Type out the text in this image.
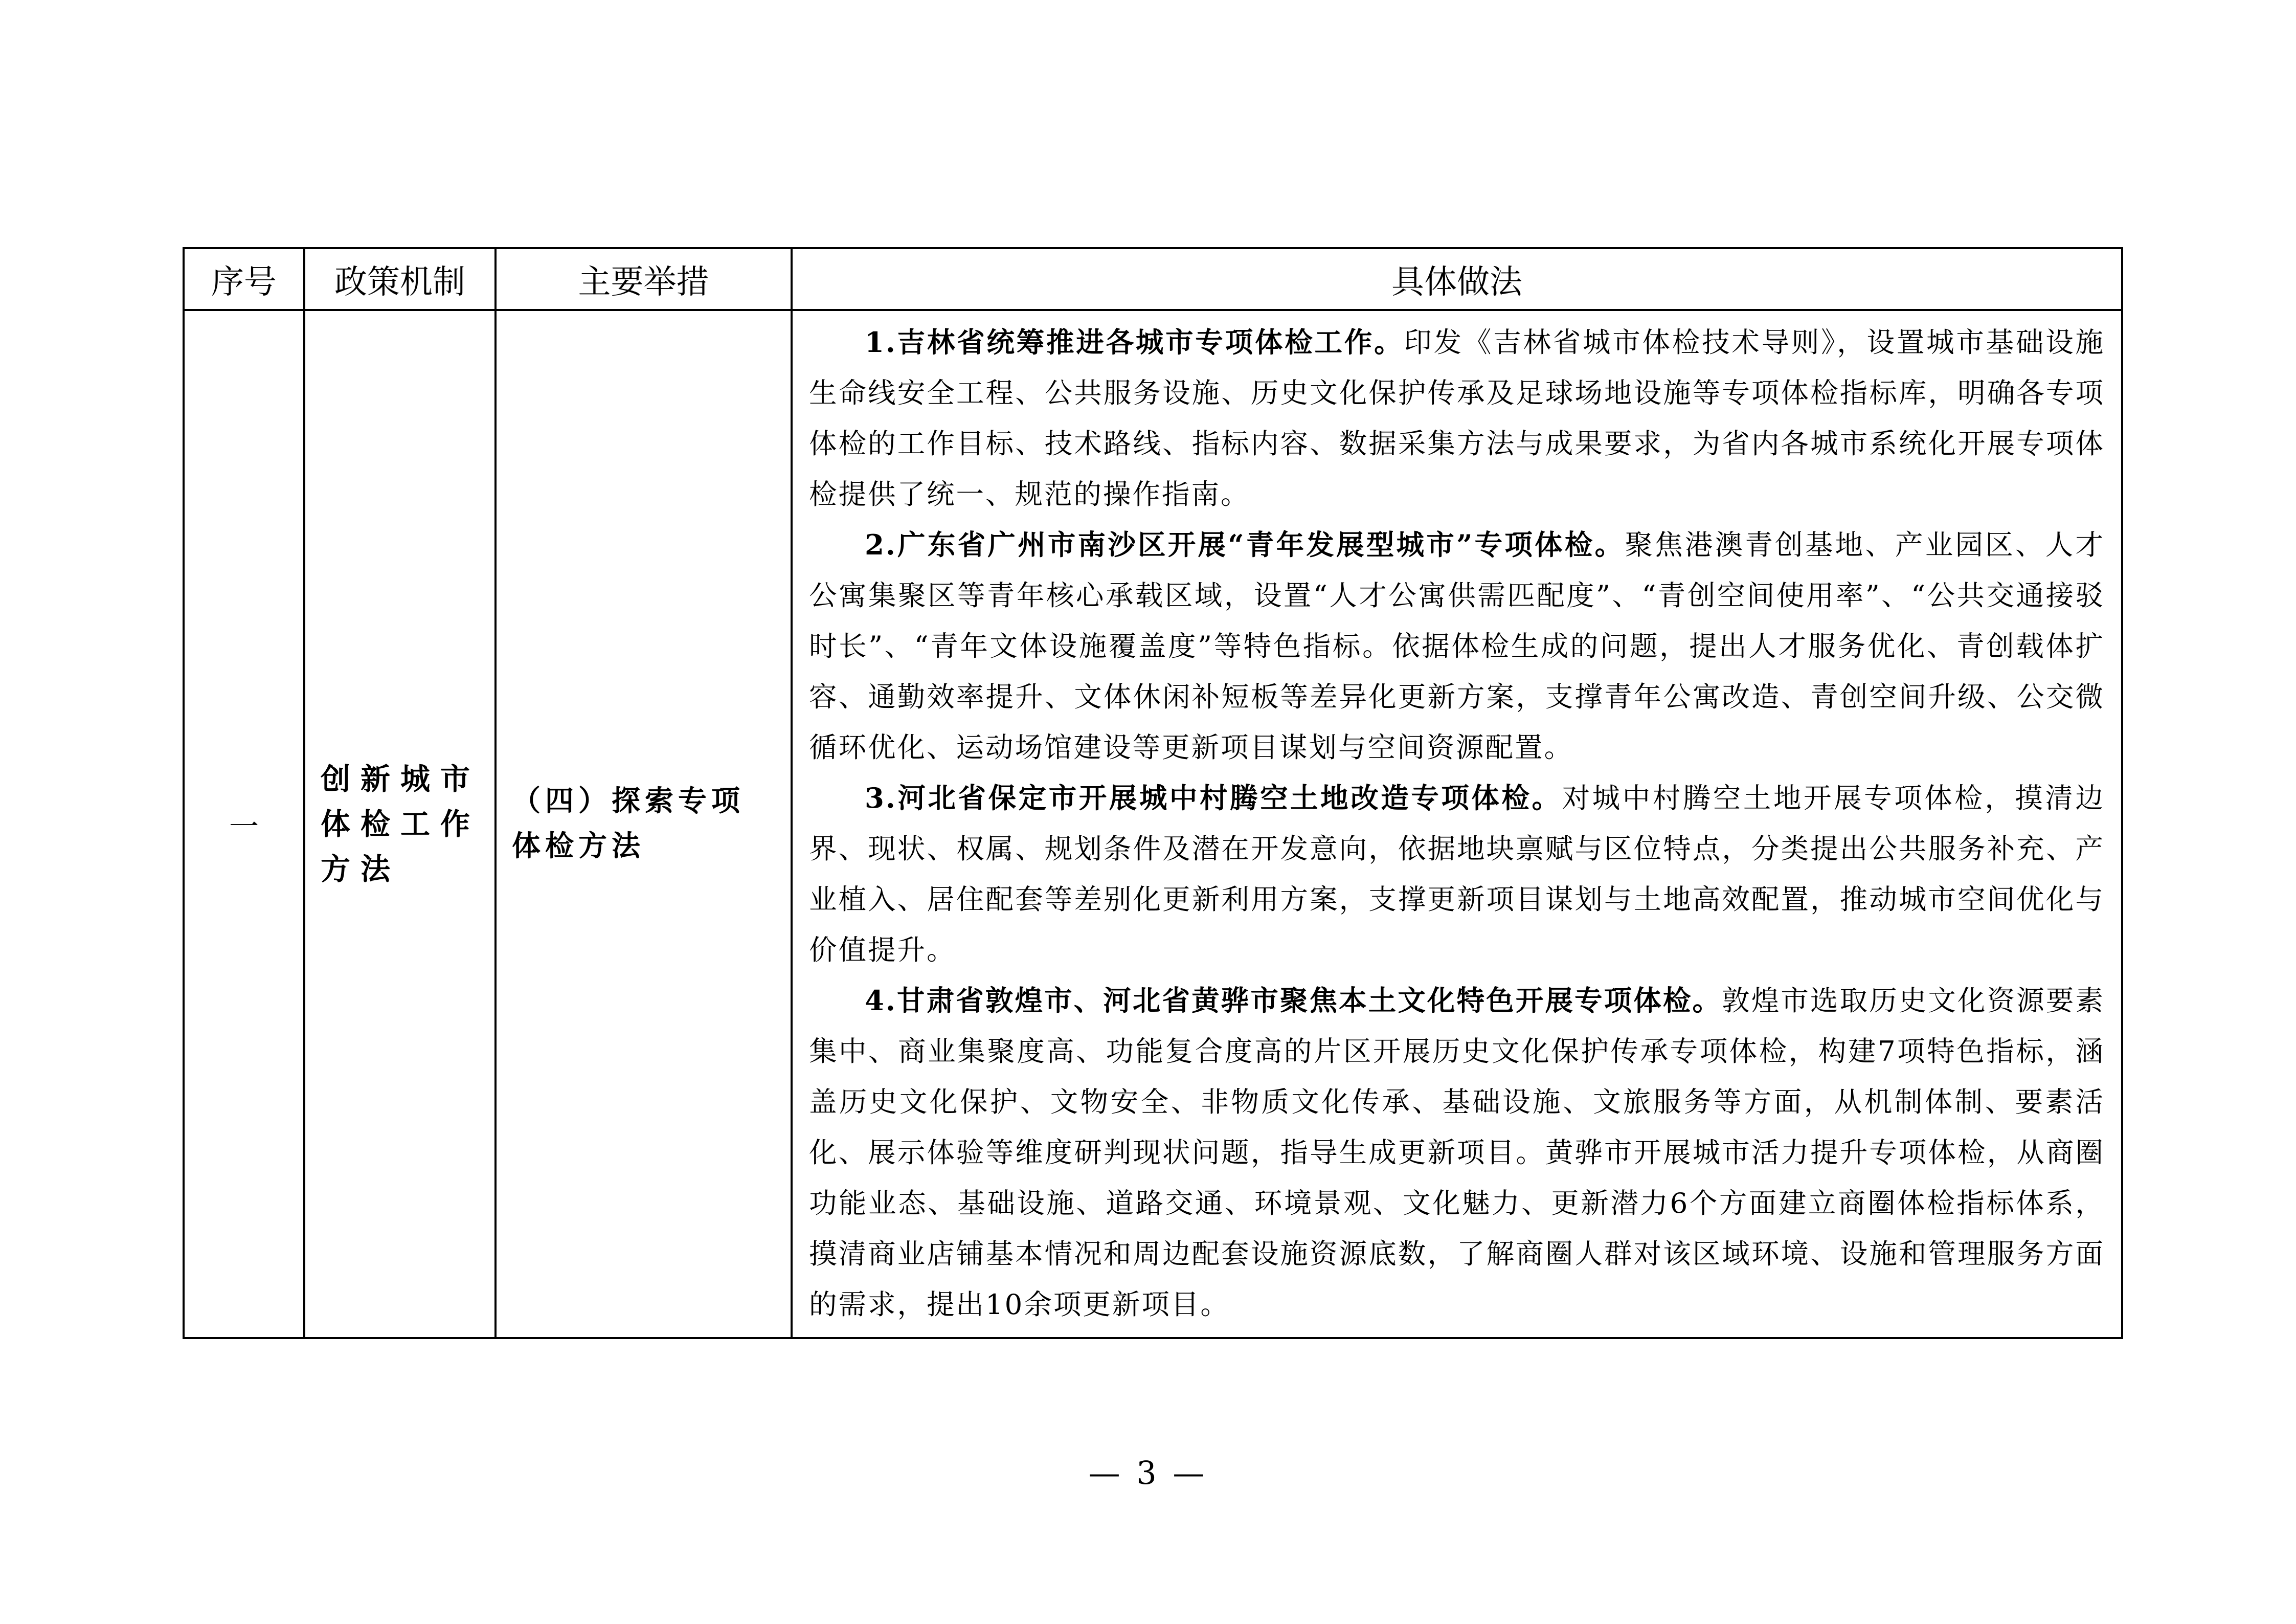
序号	政策机制	主要举措	具体做法
一	创新城市体检工作方法	（四）探索专项体检方法	1.吉林省统筹推进各城市专项体检工作。印发《吉林省城市体检技术导则》，设置城市基础设施生命线安全工程、公共服务设施、历史文化保护传承及足球场地设施等专项体检指标库，明确各专项体检的工作目标、技术路线、指标内容、数据采集方法与成果要求，为省内各城市系统化开展专项体检提供了统一、规范的操作指南。

2.广东省广州市南沙区开展“青年发展型城市”专项体检。聚焦港澳青创基地、产业园区、人才公寓集聚区等青年核心承载区域，设置“人才公寓供需匹配度”、“青创空间使用率”、“公共交通接驳时长”、“青年文体设施覆盖度”等特色指标。依据体检生成的问题，提出人才服务优化、青创载体扩容、通勤效率提升、文体休闲补短板等差异化更新方案，支撑青年公寓改造、青创空间升级、公交微循环优化、运动场馆建设等更新项目谋划与空间资源配置。

3.河北省保定市开展城中村腾空土地改造专项体检。对城中村腾空土地开展专项体检，摸清边界、现状、权属、规划条件及潜在开发意向，依据地块禀赋与区位特点，分类提出公共服务补充、产业植入、居住配套等差别化更新利用方案，支撑更新项目谋划与土地高效配置，推动城市空间优化与价值提升。

4.甘肃省敦煌市、河北省黄骅市聚焦本土文化特色开展专项体检。敦煌市选取历史文化资源要素集中、商业集聚度高、功能复合度高的片区开展历史文化保护传承专项体检，构建7项特色指标，涵盖历史文化保护、文物安全、非物质文化传承、基础设施、文旅服务等方面，从机制体制、要素活化、展示体验等维度研判现状问题，指导生成更新项目。黄骅市开展城市活力提升专项体检，从商圈功能业态、基础设施、道路交通、环境景观、文化魅力、更新潜力6个方面建立商圈体检指标体系，摸清商业店铺基本情况和周边配套设施资源底数，了解商圈人群对该区域环境、设施和管理服务方面的需求，提出10余项更新项目。

— 3 —
